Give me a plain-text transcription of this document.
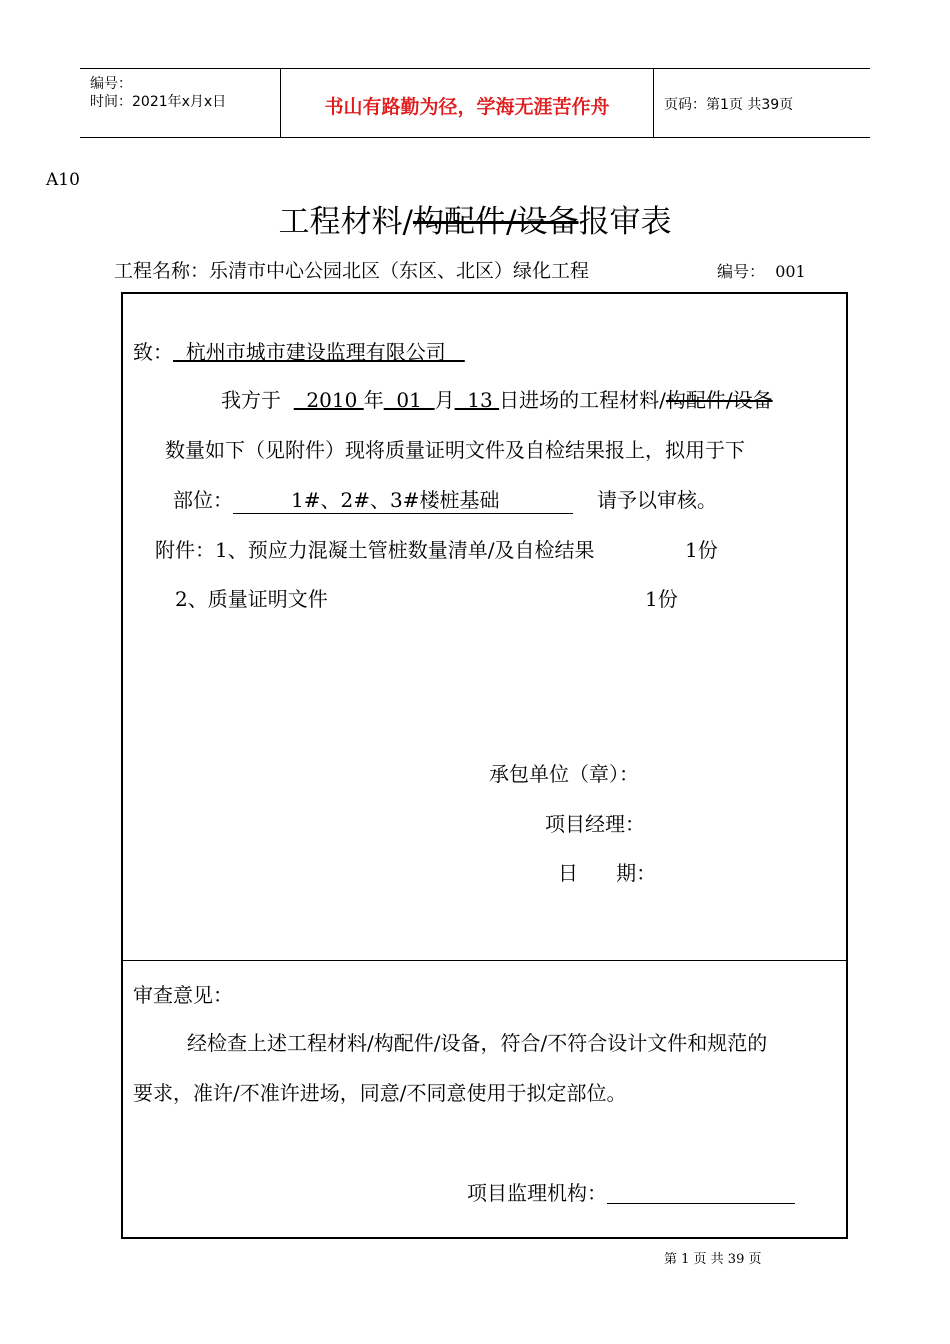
编号：
时间：2021年x月x日	书山有路勤为径，学海无涯苦作舟	页码：第1页 共39页
A10
工程材料/构配件/设备报审表
工程名称：乐清市中心公园北区（东区、北区）绿化工程	编号： 001
致：  杭州市城市建设监理有限公司
我方于    2010 年  01  月  13 日进场的工程材料/构配件/设备
数量如下（见附件）现将质量证明文件及自检结果报上，拟用于下
部位：	1#、2#、3#楼桩基础	请予以审核。
附件：1、预应力混凝土管桩数量清单/及自检结果	1份
2、质量证明文件	1份
承包单位（章）：
项目经理：
日      期：
审查意见：
经检查上述工程材料/构配件/设备，符合/不符合设计文件和规范的
要求，准许/不准许进场，同意/不同意使用于拟定部位。
项目监理机构：
第 1 页 共 39 页
